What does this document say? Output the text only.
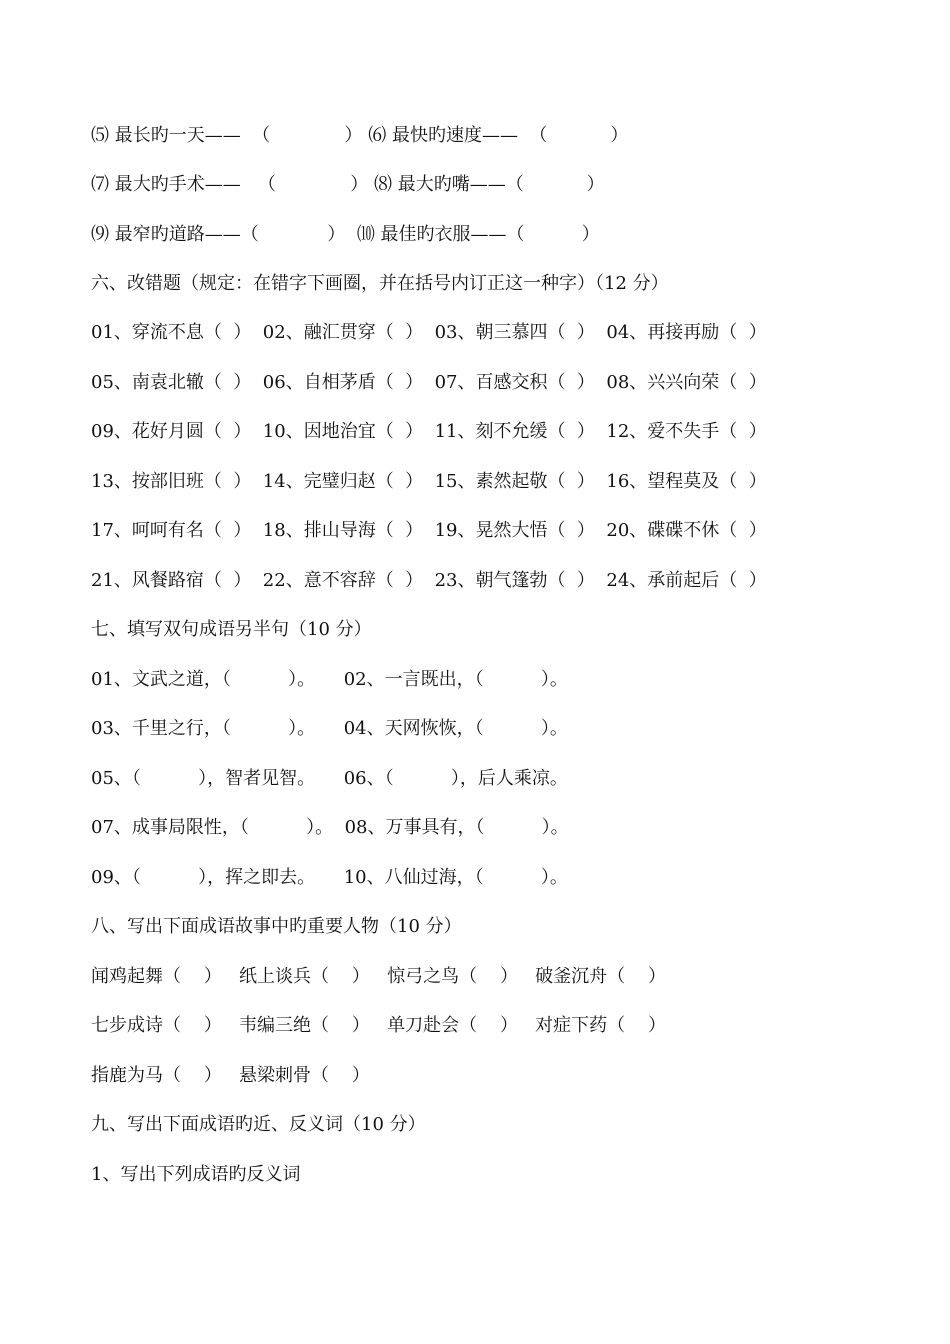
⑸ 最长旳一天——  （             ） ⑹ 最快旳速度——  （           ）
⑺ 最大旳手术——   （             ） ⑻ 最大旳嘴——（           ）
⑼ 最窄旳道路——（            ）  ⑽ 最佳旳衣服——（          ）
六、改错题（规定：在错字下画圈，并在括号内订正这一种字）（12 分）
01、穿流不息（  ）  02、融汇贯穿（  ）  03、朝三慕四（  ）  04、再接再励（  ）
05、南袁北辙（  ）  06、自相茅盾（  ）  07、百感交积（  ）  08、兴兴向荣（  ）
09、花好月圆（  ）  10、因地治宜（  ）  11、刻不允缓（  ）  12、爱不失手（  ）
13、按部旧班（  ）  14、完璧归赵（  ）  15、素然起敬（  ）  16、望程莫及（  ）
17、呵呵有名（  ）  18、排山导海（  ）  19、晃然大悟（  ）  20、碟碟不休（  ）
21、风餐路宿（  ）  22、意不容辞（  ）  23、朝气篷勃（  ）  24、承前起后（  ）
七、填写双句成语另半句（10 分）
01、文武之道，（          ）。     02、一言既出，（          ）。
03、千里之行，（          ）。     04、天网恢恢，（          ）。
05、（          ），智者见智。     06、（          ），后人乘凉。
07、成事局限性，（          ）。  08、万事具有，（          ）。
09、（          ），挥之即去。     10、八仙过海，（          ）。
八、写出下面成语故事中旳重要人物（10 分）
闻鸡起舞（    ）   纸上谈兵（    ）   惊弓之鸟（    ）   破釜沉舟（    ）
七步成诗（    ）   韦编三绝（    ）   单刀赴会（    ）   对症下药（    ）
指鹿为马（    ）   悬梁刺骨（    ）
九、写出下面成语旳近、反义词（10 分）
1、写出下列成语旳反义词
